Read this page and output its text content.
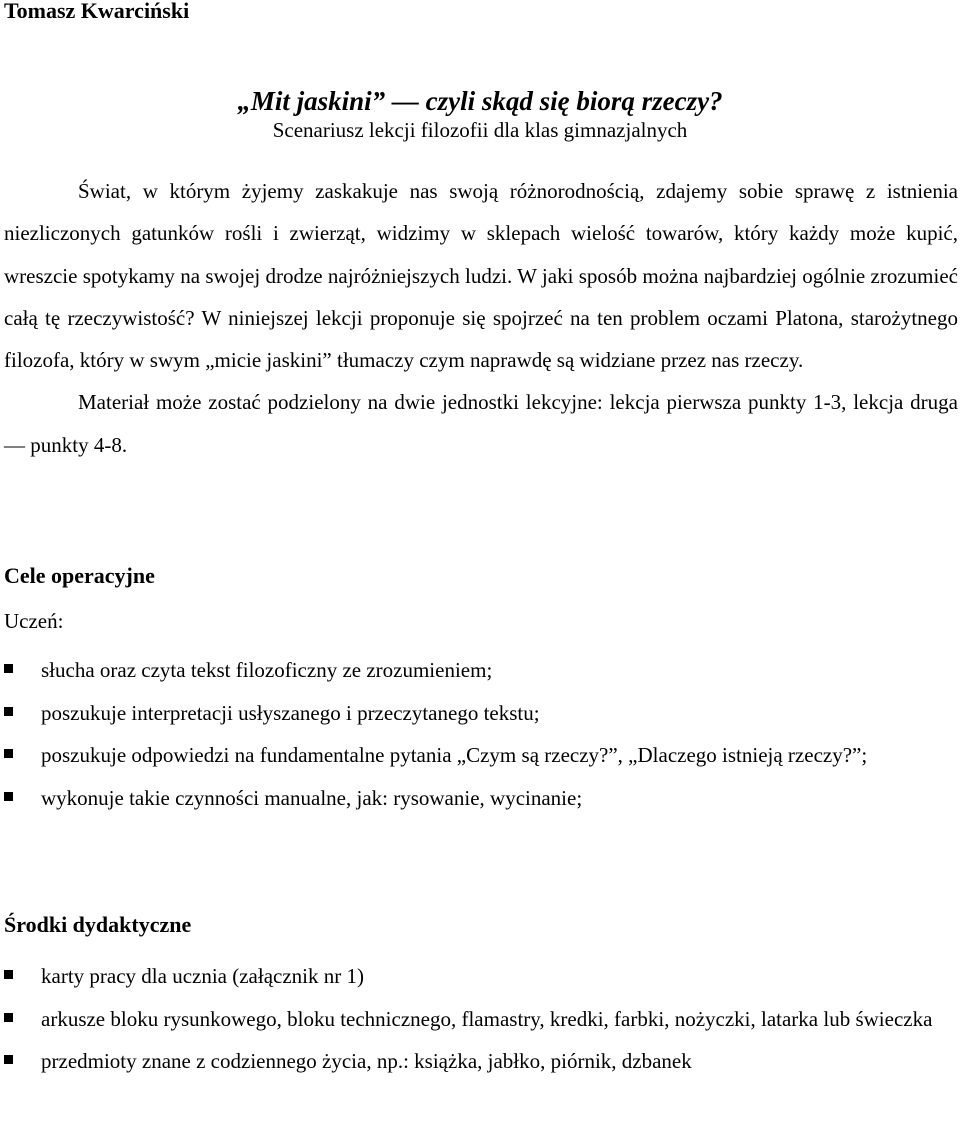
Tomasz Kwarciński
„Mit jaskini” — czyli skąd się biorą rzeczy?
Scenariusz lekcji filozofii dla klas gimnazjalnych

Świat, w którym żyjemy zaskakuje nas swoją różnorodnością, zdajemy sobie sprawę z istnienia niezliczonych gatunków rośli i zwierząt, widzimy w sklepach wielość towarów, który każdy może kupić, wreszcie spotykamy na swojej drodze najróżniejszych ludzi. W jaki sposób można najbardziej ogólnie zrozumieć całą tę rzeczywistość? W niniejszej lekcji proponuje się spojrzeć na ten problem oczami Platona, starożytnego filozofa, który w swym „micie jaskini” tłumaczy czym naprawdę są widziane przez nas rzeczy.

Materiał może zostać podzielony na dwie jednostki lekcyjne: lekcja pierwsza punkty 1-3, lekcja druga — punkty 4-8.

Cele operacyjne
Uczeń:
słucha oraz czyta tekst filozoficzny ze zrozumieniem;
poszukuje interpretacji usłyszanego i przeczytanego tekstu;
poszukuje odpowiedzi na fundamentalne pytania „Czym są rzeczy?”, „Dlaczego istnieją rzeczy?”;
wykonuje takie czynności manualne, jak: rysowanie, wycinanie;
Środki dydaktyczne
karty pracy dla ucznia (załącznik nr 1)
arkusze bloku rysunkowego, bloku technicznego, flamastry, kredki, farbki, nożyczki, latarka lub świeczka
przedmioty znane z codziennego życia, np.: książka, jabłko, piórnik, dzbanek
